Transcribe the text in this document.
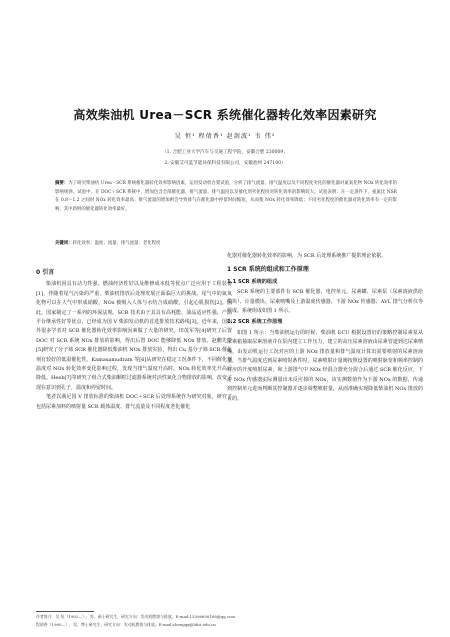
高效柴油机 Urea－SCR 系统催化器转化效率因素研究
吴 恒¹ 程倩香¹ 赵剑波¹ 韦 伟²
（1. 合肥工业大学汽车与交通工程学院，安徽合肥 230009；
2. 安徽艾可蓝节能环保科技有限公司，安徽池州 247100）
摘要：为了研究柴油机 Urea－SCR 系统催化器转化效率影响因素，运用发动机台架试验，分析了排气流量、排气温度以及不同程度劣化的催化器对氮氧化物 NOx 转化效率的影响规律。试验中，在 DOC＋SCR 系统中，增加包含全部催化器，排气流量、排气温度以及催化剂劣化程度对转化效率的影响较大。试验表明：在一定条件下，氨氮比 NSR 在 0.8～1.2 之间时 NOx 转化效率最高；排气流量的增加则会导致排气在催化器中停留时间缩短，从而使 NOx 转化效率降低；不同劣化程度的催化器对转化效率有一定的影响，其中新鲜的催化器转化效率最好。
关键词：转化效率；温度；流量；排气流量；老化程度
0 引言

柴油机因具有动力性强、燃油经济性好以及维修成本低等优点广泛应用于工程装备[1]，伴随着尾气污染的严重，柴油机排放后处理发展正面临巨大的挑战。尾气中的氮氧化物可以在大气中形成硝酸，NOx 被吸入人体与水结合成硝酸，引起心肌损伤[2]。因此，国家制定了一系列的环保法规。SCR 技术由于其具有高耗能、油品适应性强、产品平台继承性好等优点，已经成为国 V 柴油发动机的首选排放技术路线[3]。近年来，国内外很多学者对 SCR 催化器转化效率影响因素做了大量的研究。田茂军等[4]研究了后置 DOC 对 SCR 系统 NOx 排放的影响，得出后置 DOC 能够降低 NOx 排放。赵鹏先等[5]研究了分子筛 SCR 催化器降低柴油机 NOx 排放实验，得出 Cu 基分子筛 SCR 催化剂有较好的低温催化性。Kamasamudram 等[6]从研究在稳定工况条件下，不同催化剂温度对 NOx 转化效率变化影响过程，发现当排气温度升高时，NOx 转化效率先升高后降低。Heeb[7]等研究了组合式柴油颗粒过滤器系统对活性氮化合物排放的影响，改变了现在意识到孔子，温度和停留时间。

笔者以满足国 V 排放标准的柴油机 DOC＋SCR 后处理系统作为研究对象，研究了包括尿素加料的喷射量 SCR 载体温度、排气流量及不同程度老化催化

化器对催化器转化效率的影响，为 SCR 后处理系统推广提供理论依据。

1 SCR 系统的组成和工作原理
1.1 SCR 系统的组成

SCR 系统的主要部件有 SCR 催化器、电控单元、尿素罐、尿素泵（尿素溶液供给模块）、计量模块、尿素喷嘴及上游温度传感器、下游 NOx 传感器、AVL 排气分析仪等组成。系统组成如图 1 所示。

1.2 SCR 系统工作原理

如图 1 所示：当柴油机运行的时候，柴油机 ECU 根据设置好的策略控制尿素泵从尿素箱抽取尿素溶液并在泵内建立工作压力，建立的高压尿素溶液由尿素管道到达尿素喷嘴，由发动机运行工况对应的上游 NOx 排放量和排气温度计算出需要喷射的尿素溶液量，当排气温度达到尿素喷射条件时，尿素喷射计量阀按照设置的喷射脉宽和频率控制的对应的开度喷射尿素，和上游排气中 NOx 经混合器充分混合后通过 SCR 催化反应，下游 NOx 传感器实际测量出未反应掉的 NOx，该实测数值作为下游 NOx 的数据，传递到控制单元进而判断其控制器并逐步调整喷射量，从而准确实现降低柴油机 NOx 排放的目的。

作者简介：吴 恒（1992—），男，硕士研究生，研究方向：发动机燃烧与排放。E-mail:15596698168@qq.com
程倩香（1960—），男，博士研究生，研究方向：发动机燃烧与排放。E-mail:chengqx@hfut.edu.cn
